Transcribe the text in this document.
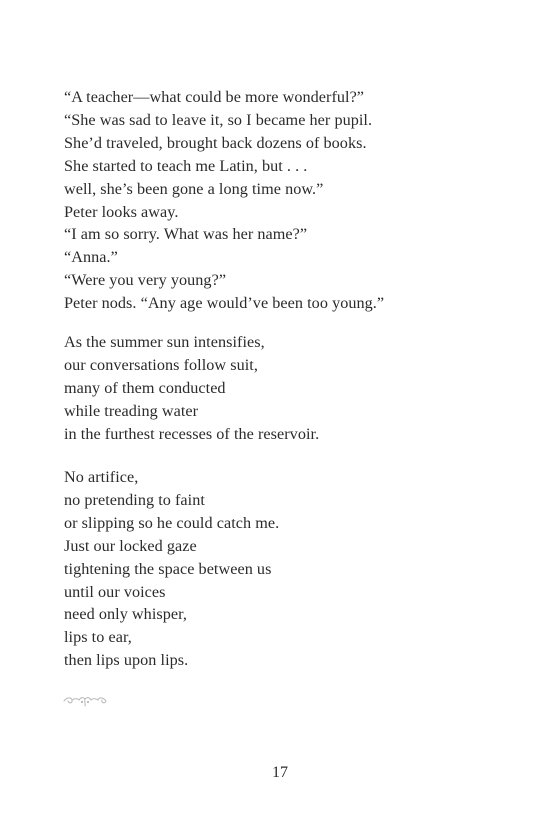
“A teacher—what could be more wonderful?”
“She was sad to leave it, so I became her pupil.
She’d traveled, brought back dozens of books.
She started to teach me Latin, but . . .
well, she’s been gone a long time now.”
Peter looks away.
“I am so sorry. What was her name?”
“Anna.”
“Were you very young?”
Peter nods. “Any age would’ve been too young.”
As the summer sun intensifies,
our conversations follow suit,
many of them conducted
while treading water
in the furthest recesses of the reservoir.
No artifice,
no pretending to faint
or slipping so he could catch me.
Just our locked gaze
tightening the space between us
until our voices
need only whisper,
lips to ear,
then lips upon lips.
17
